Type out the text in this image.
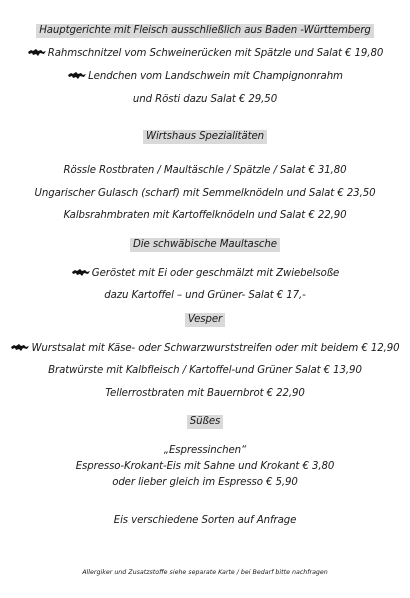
Hauptgerichte mit Fleisch ausschließlich aus Baden -Württemberg
Rahmschnitzel vom Schweinerücken mit Spätzle und Salat € 19,80
Lendchen vom Landschwein mit Champignonrahm
und Rösti dazu Salat € 29,50
Wirtshaus Spezialitäten
Rössle Rostbraten / Maultäschle / Spätzle / Salat € 31,80
Ungarischer Gulasch (scharf) mit Semmelknödeln und Salat € 23,50
Kalbsrahmbraten mit Kartoffelknödeln und Salat € 22,90
Die schwäbische Maultasche
Geröstet mit Ei oder geschmälzt mit Zwiebelsoße
dazu Kartoffel – und Grüner- Salat € 17,-
Vesper
Wurstsalat mit Käse- oder Schwarzwurststreifen oder mit beidem € 12,90
Bratwürste mit Kalbfleisch / Kartoffel-und Grüner Salat € 13,90
Tellerrostbraten mit Bauernbrot € 22,90
Süßes
„Espressinchen“
Espresso-Krokant-Eis mit Sahne und Krokant € 3,80
oder lieber gleich im Espresso € 5,90
Eis verschiedene Sorten auf Anfrage
Allergiker und Zusatzstoffe siehe separate Karte / bei Bedarf bitte nachfragen
